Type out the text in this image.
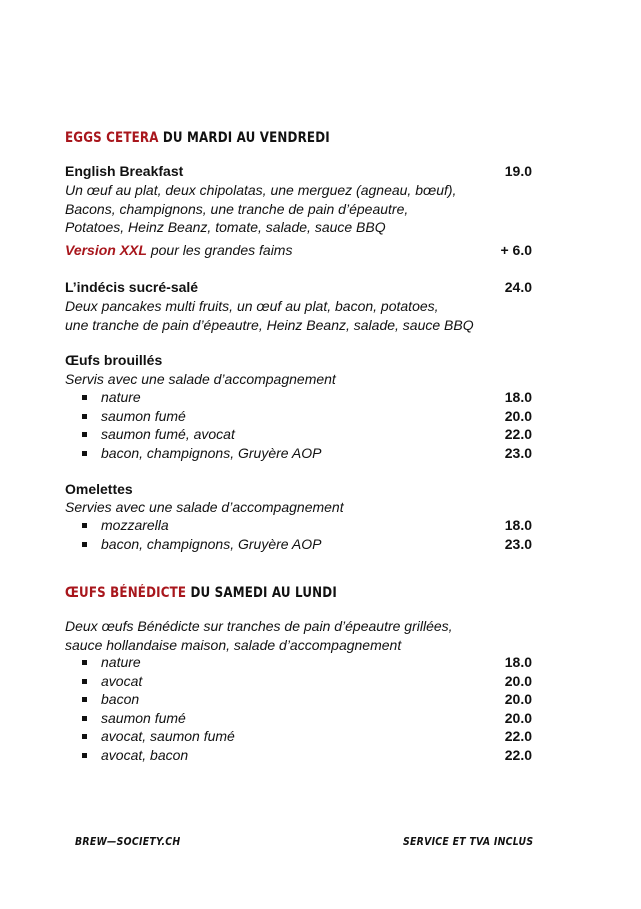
EGGS CETERA DU MARDI AU VENDREDI
English Breakfast	19.0
Un œuf au plat, deux chipolatas, une merguez (agneau, bœuf),
Bacons, champignons, une tranche de pain d’épeautre,
Potatoes, Heinz Beanz, tomate, salade, sauce BBQ
Version XXL pour les grandes faims	+ 6.0
L’indécis sucré-salé	24.0
Deux pancakes multi fruits, un œuf au plat, bacon, potatoes,
une tranche de pain d’épeautre, Heinz Beanz, salade, sauce BBQ
Œufs brouillés
Servis avec une salade d’accompagnement
nature	18.0
saumon fumé	20.0
saumon fumé, avocat	22.0
bacon, champignons, Gruyère AOP	23.0
Omelettes
Servies avec une salade d’accompagnement
mozzarella	18.0
bacon, champignons, Gruyère AOP	23.0
ŒUFS BÉNÉDICTE DU SAMEDI AU LUNDI
Deux œufs Bénédicte sur tranches de pain d’épeautre grillées,
sauce hollandaise maison, salade d’accompagnement
nature	18.0
avocat	20.0
bacon	20.0
saumon fumé	20.0
avocat, saumon fumé	22.0
avocat, bacon	22.0
BREW—SOCIETY.CH	SERVICE ET TVA INCLUS
